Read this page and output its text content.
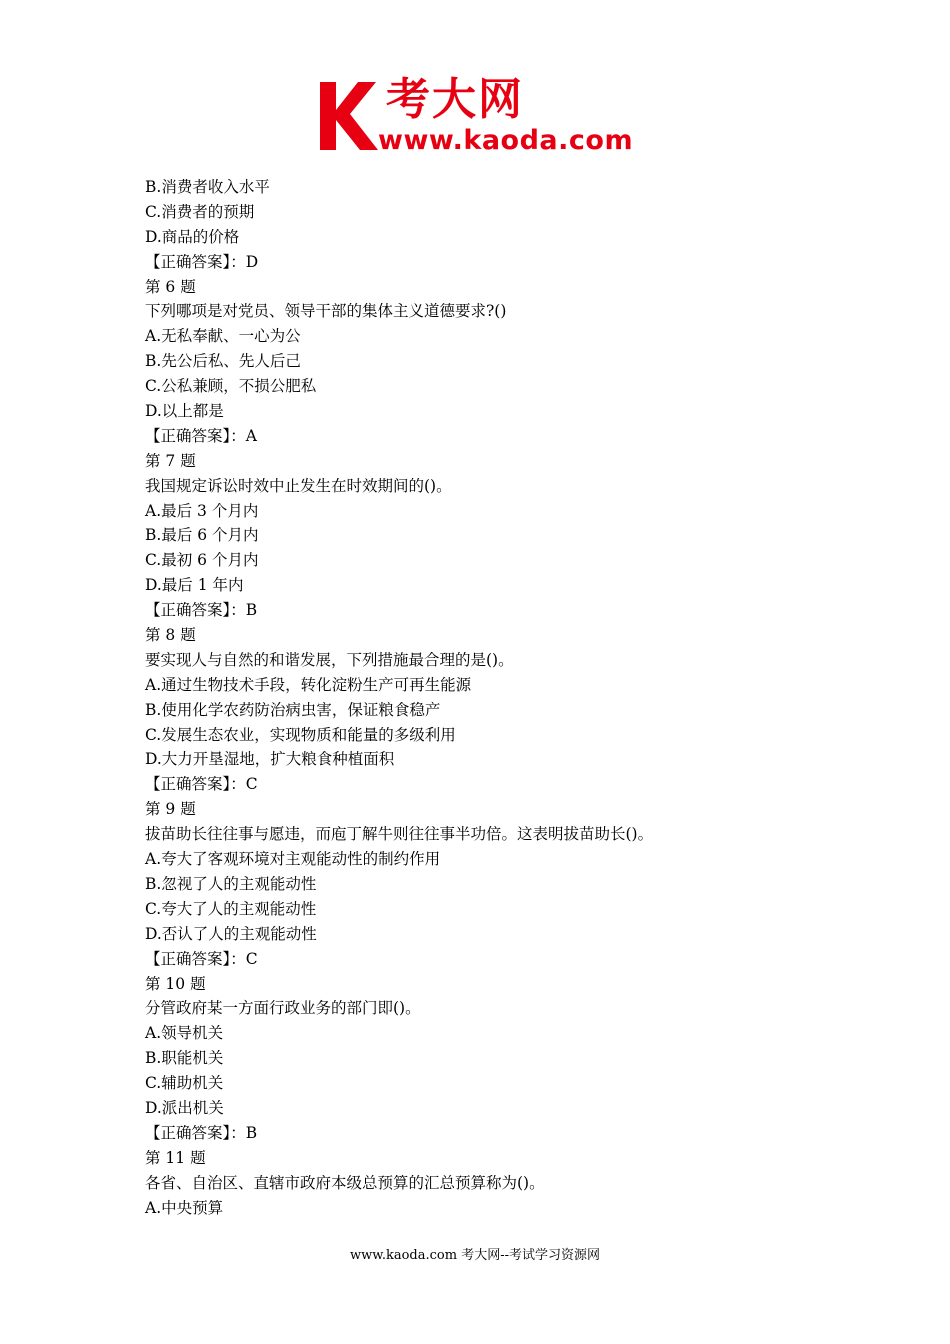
考大网
www.kaoda.com
B.消费者收入水平
C.消费者的预期
D.商品的价格
【正确答案】：D
第 6 题
下列哪项是对党员、领导干部的集体主义道德要求?()
A.无私奉献、一心为公
B.先公后私、先人后己
C.公私兼顾，不损公肥私
D.以上都是
【正确答案】：A
第 7 题
我国规定诉讼时效中止发生在时效期间的()。
A.最后 3 个月内
B.最后 6 个月内
C.最初 6 个月内
D.最后 1 年内
【正确答案】：B
第 8 题
要实现人与自然的和谐发展，下列措施最合理的是()。
A.通过生物技术手段，转化淀粉生产可再生能源
B.使用化学农药防治病虫害，保证粮食稳产
C.发展生态农业，实现物质和能量的多级利用
D.大力开垦湿地，扩大粮食种植面积
【正确答案】：C
第 9 题
拔苗助长往往事与愿违，而庖丁解牛则往往事半功倍。这表明拔苗助长()。
A.夸大了客观环境对主观能动性的制约作用
B.忽视了人的主观能动性
C.夸大了人的主观能动性
D.否认了人的主观能动性
【正确答案】：C
第 10 题
分管政府某一方面行政业务的部门即()。
A.领导机关
B.职能机关
C.辅助机关
D.派出机关
【正确答案】：B
第 11 题
各省、自治区、直辖市政府本级总预算的汇总预算称为()。
A.中央预算
www.kaoda.com 考大网--考试学习资源网
